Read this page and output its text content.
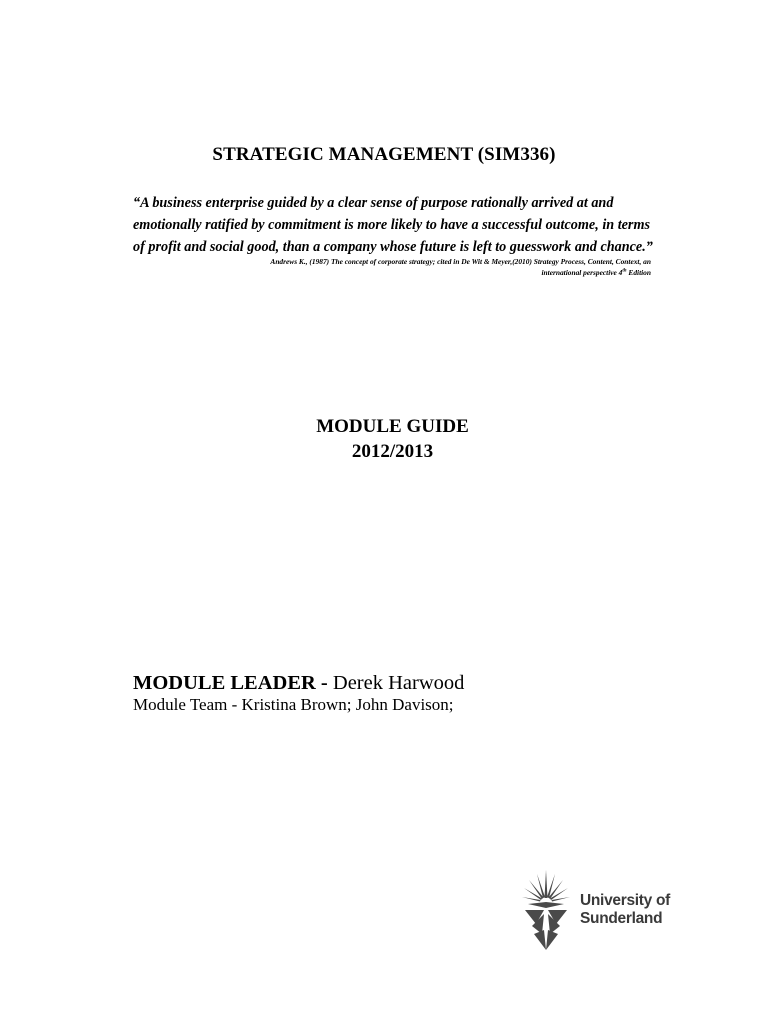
STRATEGIC MANAGEMENT (SIM336)
“A business enterprise guided by a clear sense of purpose rationally arrived at and emotionally ratified by commitment is more likely to have a successful outcome, in terms of profit and social good, than a company whose future is left to guesswork and chance.”
Andrews K., (1987) The concept of corporate strategy; cited in De Wit & Meyer,(2010) Strategy Process, Content, Context, an
international perspective 4th Edition
MODULE GUIDE
2012/2013
MODULE LEADER - Derek Harwood
Module Team - Kristina Brown; John Davison;
University of
Sunderland
